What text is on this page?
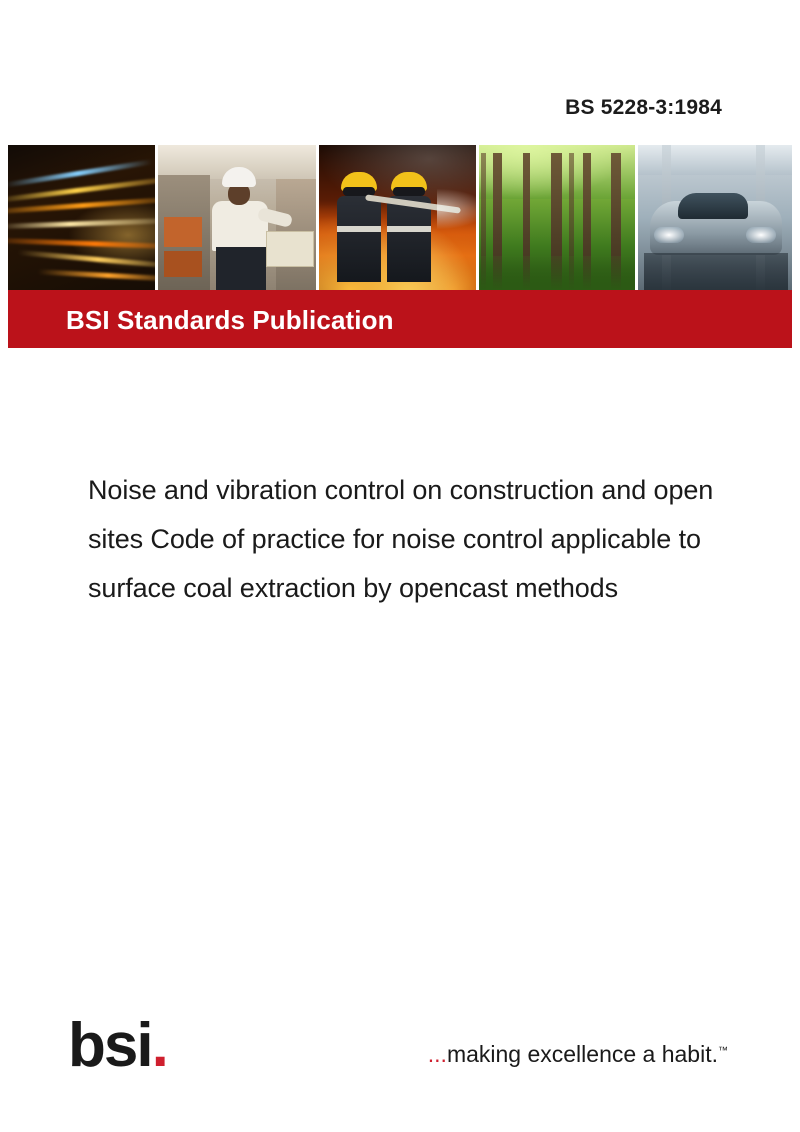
BS 5228-3:1984
BSI Standards Publication
Noise and vibration control on construction and open sites Code of practice for noise control applicable to surface coal extraction by opencast methods
bsi.	...making excellence a habit.™
